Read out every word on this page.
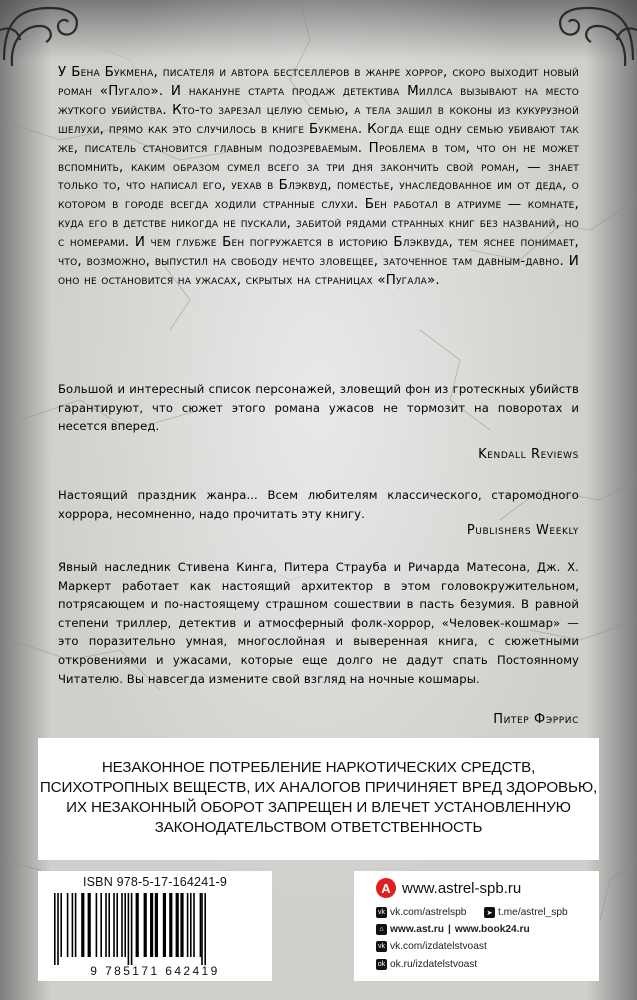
У Бена Букмена, писателя и автора бестселлеров в жанре хоррор, скоро выходит новый роман «Пугало». И накануне старта продаж детектива Миллса вызывают на место жуткого убийства. Кто-то зарезал целую семью, а тела зашил в коконы из кукурузной шелухи, прямо как это случилось в книге Букмена. Когда еще одну семью убивают так же, писатель становится главным подозреваемым. Проблема в том, что он не может вспомнить, каким образом сумел всего за три дня закончить свой роман, — знает только то, что написал его, уехав в Блэквуд, поместье, унаследованное им от деда, о котором в городе всегда ходили странные слухи. Бен работал в атриуме — комнате, куда его в детстве никогда не пускали, забитой рядами странных книг без названий, но с номерами. И чем глубже Бен погружается в историю Блэквуда, тем яснее понимает, что, возможно, выпустил на свободу нечто зловещее, заточенное там давным-давно. И оно не остановится на ужасах, скрытых на страницах «Пугала».
Большой и интересный список персонажей, зловещий фон из гротескных убийств гарантируют, что сюжет этого романа ужасов не тормозит на поворотах и несется вперед.
Kendall Reviews
Настоящий праздник жанра... Всем любителям классического, старомодного хоррора, несомненно, надо прочитать эту книгу.
Publishers Weekly
Явный наследник Стивена Кинга, Питера Страуба и Ричарда Матесона, Дж. Х. Маркерт работает как настоящий архитектор в этом головокружительном, потрясающем и по-настоящему страшном сошествии в пасть безумия. В равной степени триллер, детектив и атмосферный фолк-хоррор, «Человек-кошмар» — это поразительно умная, многослойная и выверенная книга, с сюжетными откровениями и ужасами, которые еще долго не дадут спать Постоянному Читателю. Вы навсегда измените свой взгляд на ночные кошмары.
Питер Фэррис
НЕЗАКОННОЕ ПОТРЕБЛЕНИЕ НАРКОТИЧЕСКИХ СРЕДСТВ,
ПСИХОТРОПНЫХ ВЕЩЕСТВ, ИХ АНАЛОГОВ ПРИЧИНЯЕТ ВРЕД ЗДОРОВЬЮ,
ИХ НЕЗАКОННЫЙ ОБОРОТ ЗАПРЕЩЕН И ВЛЕЧЕТ УСТАНОВЛЕННУЮ
ЗАКОНОДАТЕЛЬСТВОМ ОТВЕТСТВЕННОСТЬ
ISBN 978-5-17-164241-9
9 785171 642419
A www.astrel-spb.ru
vk vk.com/astrelspb	➤ t.me/astrel_spb
⌂ www.ast.ru | www.book24.ru
vk vk.com/izdatelstvoast
ok ok.ru/izdatelstvoast
